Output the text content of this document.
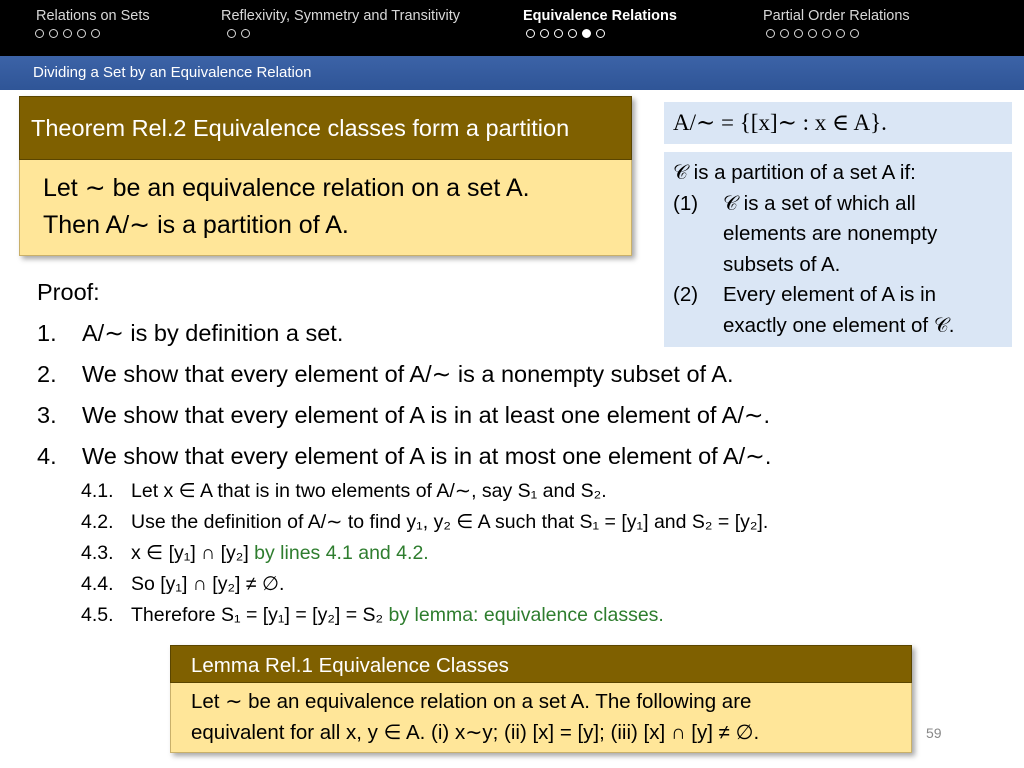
Relations on Sets	Reflexivity, Symmetry and Transitivity	Equivalence Relations	Partial Order Relations
Dividing a Set by an Equivalence Relation
Theorem Rel.2 Equivalence classes form a partition
Let ∼ be an equivalence relation on a set A.
Then A/∼ is a partition of A.
A/∼ = {[x]∼ : x ∈ A}.
𝒞 is a partition of a set A if:
(1) 𝒞 is a set of which all elements are nonempty subsets of A.
(2) Every element of A is in exactly one element of 𝒞.
Proof:
1. A/∼ is by definition a set.
2. We show that every element of A/∼ is a nonempty subset of A.
3. We show that every element of A is in at least one element of A/∼.
4. We show that every element of A is in at most one element of A/∼.
4.1. Let x ∈ A that is in two elements of A/∼, say S₁ and S₂.
4.2. Use the definition of A/∼ to find y₁, y₂ ∈ A such that S₁ = [y₁] and S₂ = [y₂].
4.3. x ∈ [y₁] ∩ [y₂] by lines 4.1 and 4.2.
4.4. So [y₁] ∩ [y₂] ≠ ∅.
4.5. Therefore S₁ = [y₁] = [y₂] = S₂ by lemma: equivalence classes.
Lemma Rel.1 Equivalence Classes
Let ∼ be an equivalence relation on a set A. The following are
equivalent for all x, y ∈ A. (i) x∼y; (ii) [x] = [y]; (iii) [x] ∩ [y] ≠ ∅.	59
